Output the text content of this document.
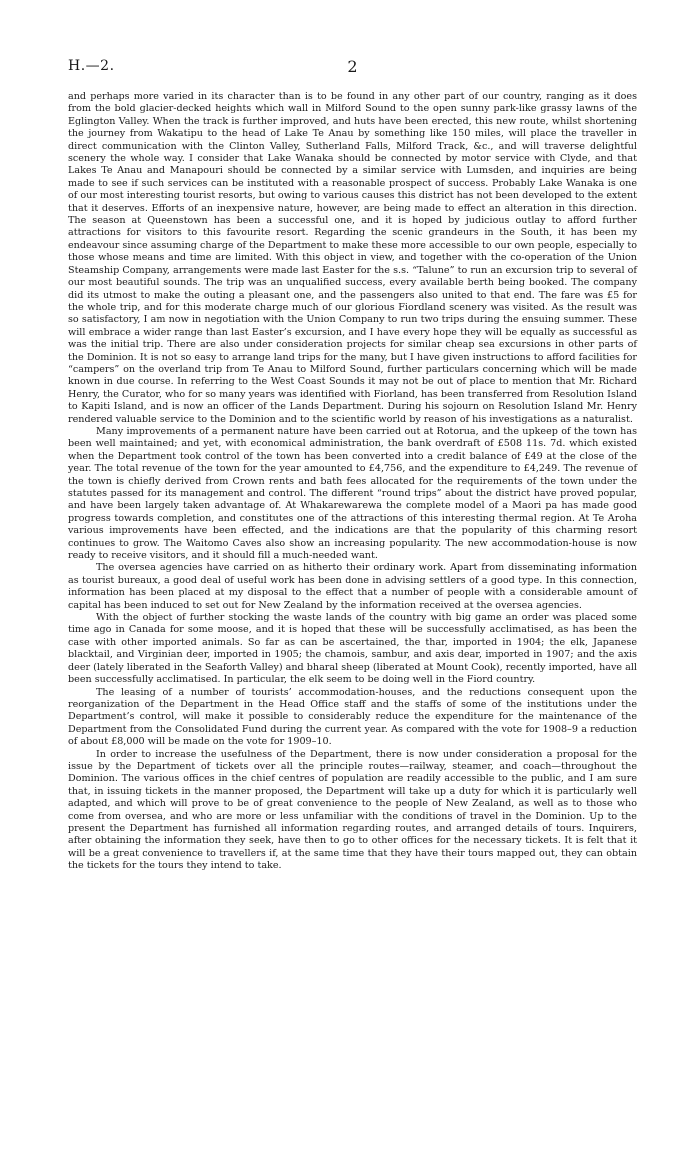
H.—2.	2

and perhaps more varied in its character than is to be found in any other part of our country, ranging as it does from the bold glacier-decked heights which wall in Milford Sound to the open sunny park-like grassy lawns of the Eglington Valley. When the track is further improved, and huts have been erected, this new route, whilst shortening the journey from Wakatipu to the head of Lake Te Anau by something like 150 miles, will place the traveller in direct communication with the Clinton Valley, Sutherland Falls, Milford Track, &c., and will traverse delightful scenery the whole way. I consider that Lake Wanaka should be connected by motor service with Clyde, and that Lakes Te Anau and Manapouri should be connected by a similar service with Lumsden, and inquiries are being made to see if such services can be instituted with a reasonable prospect of success. Probably Lake Wanaka is one of our most interesting tourist resorts, but owing to various causes this district has not been developed to the extent that it deserves. Efforts of an inexpensive nature, however, are being made to effect an alteration in this direction. The season at Queenstown has been a successful one, and it is hoped by judicious outlay to afford further attractions for visitors to this favourite resort. Regarding the scenic grandeurs in the South, it has been my endeavour since assuming charge of the Department to make these more accessible to our own people, especially to those whose means and time are limited. With this object in view, and together with the co-operation of the Union Steamship Company, arrangements were made last Easter for the s.s. “Talune” to run an excursion trip to several of our most beautiful sounds. The trip was an unqualified success, every available berth being booked. The company did its utmost to make the outing a pleasant one, and the passengers also united to that end. The fare was £5 for the whole trip, and for this moderate charge much of our glorious Fiordland scenery was visited. As the result was so satisfactory, I am now in negotiation with the Union Company to run two trips during the ensuing summer. These will embrace a wider range than last Easter’s excursion, and I have every hope they will be equally as successful as was the initial trip. There are also under consideration projects for similar cheap sea excursions in other parts of the Dominion. It is not so easy to arrange land trips for the many, but I have given instructions to afford facilities for “campers” on the overland trip from Te Anau to Milford Sound, further particulars concerning which will be made known in due course. In referring to the West Coast Sounds it may not be out of place to mention that Mr. Richard Henry, the Curator, who for so many years was identified with Fiorland, has been transferred from Resolution Island to Kapiti Island, and is now an officer of the Lands Department. During his sojourn on Resolution Island Mr. Henry rendered valuable service to the Dominion and to the scientific world by reason of his investigations as a naturalist.

Many improvements of a permanent nature have been carried out at Rotorua, and the upkeep of the town has been well maintained; and yet, with economical administration, the bank overdraft of £508 11s. 7d. which existed when the Department took control of the town has been converted into a credit balance of £49 at the close of the year. The total revenue of the town for the year amounted to £4,756, and the expenditure to £4,249. The revenue of the town is chiefly derived from Crown rents and bath fees allocated for the requirements of the town under the statutes passed for its management and control. The different “round trips” about the district have proved popular, and have been largely taken advantage of. At Whakarewarewa the complete model of a Maori pa has made good progress towards completion, and constitutes one of the attractions of this interesting thermal region. At Te Aroha various improvements have been effected, and the indications are that the popularity of this charming resort continues to grow. The Waitomo Caves also show an increasing popularity. The new accommodation-house is now ready to receive visitors, and it should fill a much-needed want.

The oversea agencies have carried on as hitherto their ordinary work. Apart from disseminating information as tourist bureaux, a good deal of useful work has been done in advising settlers of a good type. In this connection, information has been placed at my disposal to the effect that a number of people with a considerable amount of capital has been induced to set out for New Zealand by the information received at the oversea agencies.

With the object of further stocking the waste lands of the country with big game an order was placed some time ago in Canada for some moose, and it is hoped that these will be successfully acclimatised, as has been the case with other imported animals. So far as can be ascertained, the thar, imported in 1904; the elk, Japanese blacktail, and Virginian deer, imported in 1905; the chamois, sambur, and axis dear, imported in 1907; and the axis deer (lately liberated in the Seaforth Valley) and bharal sheep (liberated at Mount Cook), recently imported, have all been successfully acclimatised. In particular, the elk seem to be doing well in the Fiord country.

The leasing of a number of tourists’ accommodation-houses, and the reductions consequent upon the reorganization of the Department in the Head Office staff and the staffs of some of the institutions under the Department’s control, will make it possible to considerably reduce the expenditure for the maintenance of the Department from the Consolidated Fund during the current year. As compared with the vote for 1908–9 a reduction of about £8,000 will be made on the vote for 1909–10.

In order to increase the usefulness of the Department, there is now under consideration a proposal for the issue by the Department of tickets over all the principle routes—railway, steamer, and coach—throughout the Dominion. The various offices in the chief centres of population are readily accessible to the public, and I am sure that, in issuing tickets in the manner proposed, the Department will take up a duty for which it is particularly well adapted, and which will prove to be of great convenience to the people of New Zealand, as well as to those who come from oversea, and who are more or less unfamiliar with the conditions of travel in the Dominion. Up to the present the Department has furnished all information regarding routes, and arranged details of tours. Inquirers, after obtaining the information they seek, have then to go to other offices for the necessary tickets. It is felt that it will be a great convenience to travellers if, at the same time that they have their tours mapped out, they can obtain the tickets for the tours they intend to take.
